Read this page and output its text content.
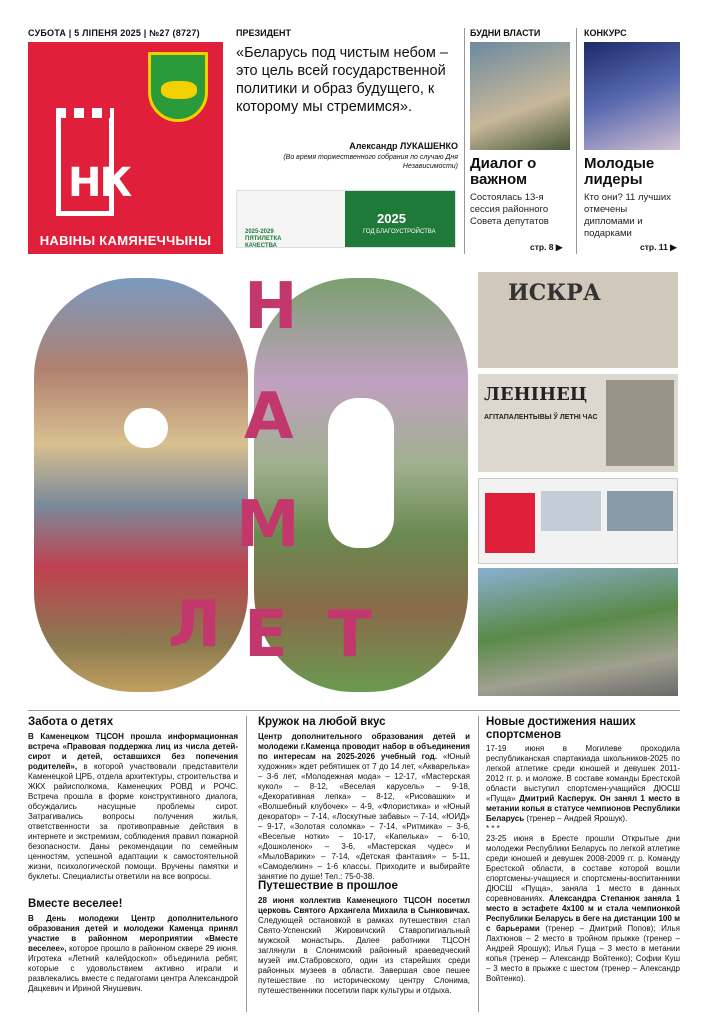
СУБОТА | 5 ЛІПЕНЯ 2025 | №27 (8727)
НК
НАВІНЫ КАМЯНЕЧЧЫНЫ
ПРЕЗИДЕНТ
«Беларусь под чистым небом – это цель всей государственной политики и образ будущего, к которому мы стремимся».
Александр ЛУКАШЕНКО
(Во время торжественного собрания по случаю Дня Независимости)
2025-2029 ПЯТИЛЕТКА КАЧЕСТВА
2025
ГОД БЛАГОУСТРОЙСТВА
БУДНИ ВЛАСТИ
Диалог о важном
Состоялась 13-я сессия районного Совета депутатов
стр. 8 ▶
КОНКУРС
Молодые лидеры
Кто они? 11 лучших отмечены дипломами и подарками
стр. 11 ▶
Н
А
М
Л Е Т
ИСКРА
ЛЕНІНЕЦ
АГІТАПАЛЕНТЫВЫ Ў ЛЕТНІ ЧАС
Забота о детях
В Каменецком ТЦСОН прошла информационная встреча «Правовая поддержка лиц из числа детей-сирот и детей, оставшихся без попечения родителей», в которой участвовали представители Каменецкой ЦРБ, отдела архитектуры, строительства и ЖКХ райисполкома, Каменецких РОВД и РОЧС. Встреча прошла в форме конструктивного диалога, обсуждались насущные проблемы сирот. Затрагивались вопросы получения жилья, ответственности за противоправные действия в интернете и экстремизм, соблюдения правил пожарной безопасности. Даны рекомендации по семейным ценностям, успешной адаптации к самостоятельной жизни, психологической помощи. Вручены памятки и буклеты. Специалисты ответили на все вопросы.
Вместе веселее!
В День молодежи Центр дополнительного образования детей и молодежи Каменца принял участие в районном мероприятии «Вместе веселее», которое прошло в районном сквере 29 июня. Игротека «Летний калейдоскоп» объединила ребят, которые с удовольствием активно играли и развлекались вместе с педагогами центра Александрой Дацкевич и Ириной Янушевич.
Кружок на любой вкус
Центр дополнительного образования детей и молодежи г.Каменца проводит набор в объединения по интересам на 2025-2026 учебный год. «Юный художник» ждет ребятишек от 7 до 14 лет, «Акварелька» – 3-6 лет, «Молодежная мода» – 12-17, «Мастерская кукол» – 8-12, «Веселая карусель» – 9-18, «Декоративная лепка» – 8-12, «Рисовашки» и «Волшебный клубочек» – 4-9, «Флористика» и «Юный декоратор» – 7-14, «Лоскутные забавы» – 7-14, «ЮИД» – 9-17, «Золотая соломка» – 7-14, «Ритмика» – 3-6, «Веселые нотки» – 10-17, «Капелька» – 6-10, «Дошколенок» – 3-6, «Мастерская чудес» и «МылоВарики» – 7-14, «Детская фантазия» – 5-11, «Самоделкин» – 1-6 классы. Приходите и выбирайте занятие по душе! Тел.: 75-0-38.
Путешествие в прошлое
28 июня коллектив Каменецкого ТЦСОН посетил церковь Святого Архангела Михаила в Сынковичах. Следующей остановкой в рамках путешествия стал Свято-Успенский Жировичский Ставропигиальный мужской монастырь. Далее работники ТЦСОН заглянули в Слонимский районный краеведческий музей им.Стабровского, один из старейших среди районных музеев в области. Завершая свое пешее путешествие по историческому центру Слонима, путешественники посетили парк культуры и отдыха.
Новые достижения наших спортсменов
17-19 июня в Могилеве проходила республиканская спартакиада школьников-2025 по легкой атлетике среди юношей и девушек 2011-2012 гг. р. и моложе. В составе команды Брестской области выступил спортсмен-учащийся ДЮСШ «Пуща» Дмитрий Касперук. Он занял 1 место в метании копья в статусе чемпионов Республики Беларусь (тренер – Андрей Ярошук).
* * *
23-25 июня в Бресте прошли Открытые дни молодежи Республики Беларусь по легкой атлетике среди юношей и девушек 2008-2009 гг. р. Команду Брестской области, в составе которой вошли спортсмены-учащиеся и спортсмены-воспитанники ДЮСШ «Пуща», заняла 1 место в данных соревнованиях. Александра Степанюк заняла 1 место в эстафете 4х100 м и стала чемпионкой Республики Беларусь в беге на дистанции 100 м с барьерами (тренер – Дмитрий Попов); Илья Лахтюнов – 2 место в тройном прыжке (тренер – Андрей Ярошук); Илья Гуща – 3 место в метании копья (тренер – Александр Войтенко); Софии Куш – 3 место в прыжке с шестом (тренер – Александр Войтенко).
